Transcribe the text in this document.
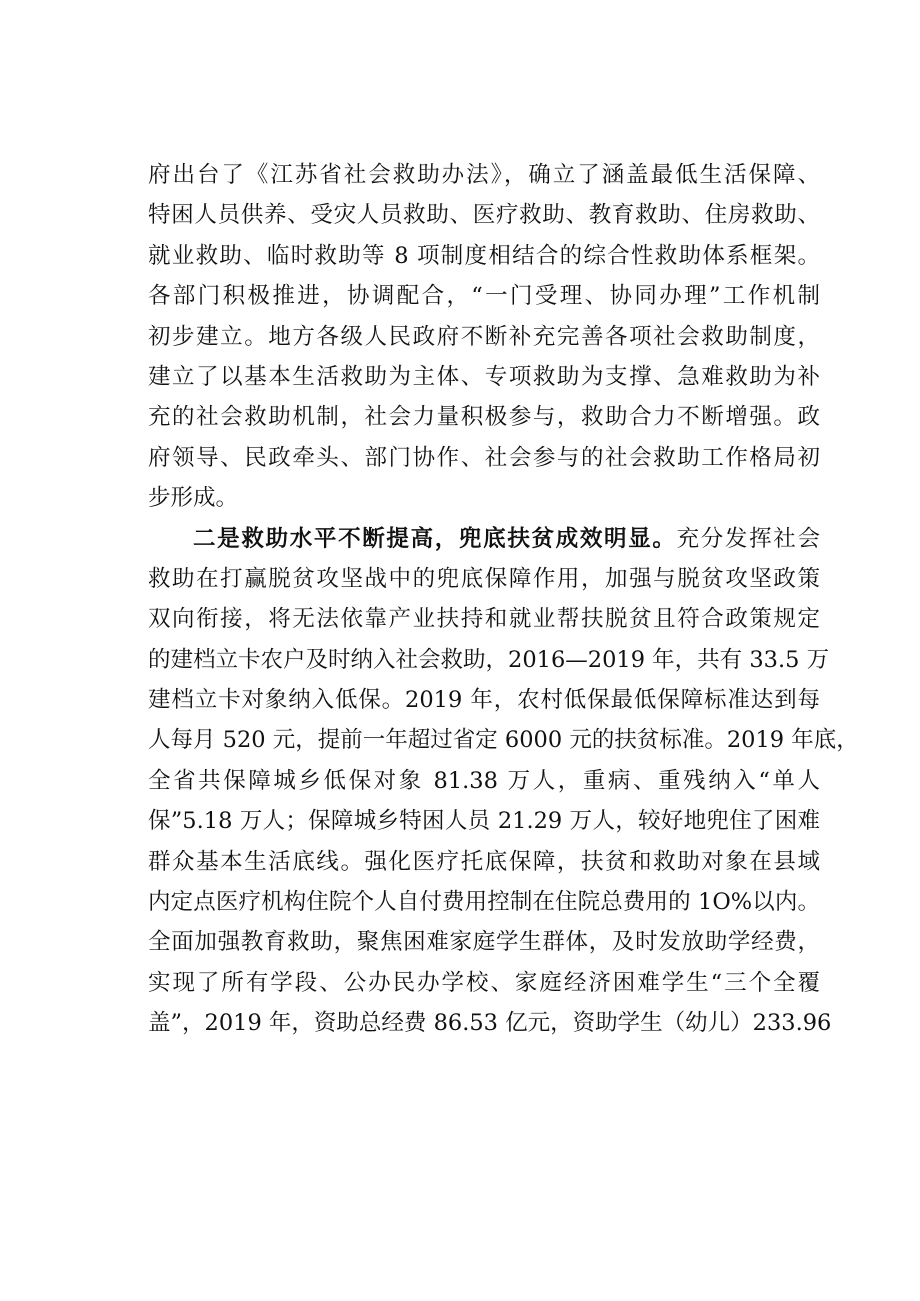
府出台了《江苏省社会救助办法》，确立了涵盖最低生活保障、
特困人员供养、受灾人员救助、医疗救助、教育救助、住房救助、
就业救助、临时救助等 8 项制度相结合的综合性救助体系框架。
各部门积极推进，协调配合，“一门受理、协同办理”工作机制
初步建立。地方各级人民政府不断补充完善各项社会救助制度，
建立了以基本生活救助为主体、专项救助为支撑、急难救助为补
充的社会救助机制，社会力量积极参与，救助合力不断增强。政
府领导、民政牵头、部门协作、社会参与的社会救助工作格局初
步形成。
二是救助水平不断提高，兜底扶贫成效明显。充分发挥社会
救助在打赢脱贫攻坚战中的兜底保障作用，加强与脱贫攻坚政策
双向衔接，将无法依靠产业扶持和就业帮扶脱贫且符合政策规定
的建档立卡农户及时纳入社会救助，2016—2019 年，共有 33.5 万
建档立卡对象纳入低保。2019 年，农村低保最低保障标准达到每
人每月 520 元，提前一年超过省定 6000 元的扶贫标准。2019 年底，
全省共保障城乡低保对象 81.38 万人，重病、重残纳入“单人
保”5.18 万人；保障城乡特困人员 21.29 万人，较好地兜住了困难
群众基本生活底线。强化医疗托底保障，扶贫和救助对象在县域
内定点医疗机构住院个人自付费用控制在住院总费用的 1O%以内。
全面加强教育救助，聚焦困难家庭学生群体，及时发放助学经费，
实现了所有学段、公办民办学校、家庭经济困难学生“三个全覆
盖”，2019 年，资助总经费 86.53 亿元，资助学生（幼儿）233.96
